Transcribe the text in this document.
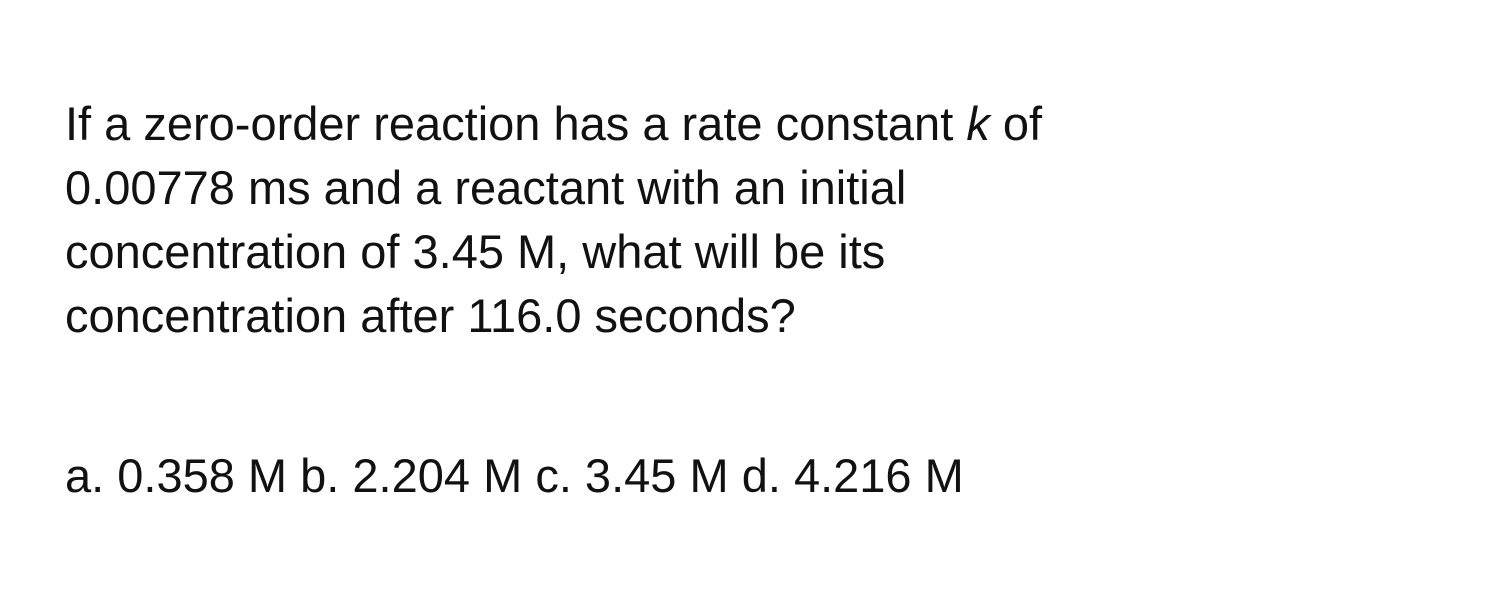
If a zero-order reaction has a rate constant k of
0.00778 ms and a reactant with an initial
concentration of 3.45 M, what will be its
concentration after 116.0 seconds?

a. 0.358 M b. 2.204 M c. 3.45 M d. 4.216 M
